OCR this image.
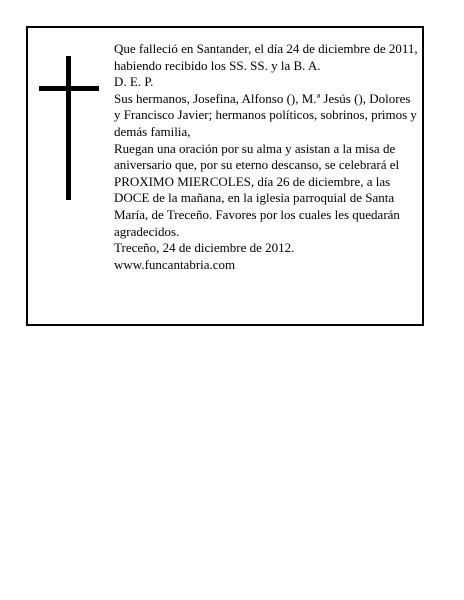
Que falleció en Santander, el día 24 de diciembre de 2011, habiendo recibido los SS. SS. y la B. A.

D. E. P.

Sus hermanos, Josefina, Alfonso (), M.ª Jesús (), Dolores y Francisco Javier; hermanos políticos, sobrinos, primos y demás familia,

Ruegan una oración por su alma y asistan a la misa de aniversario que, por su eterno descanso, se celebrará el PROXIMO MIERCOLES, día 26 de diciembre, a las DOCE de la mañana, en la iglesia parroquial de Santa María, de Treceño. Favores por los cuales les quedarán agradecidos.

Treceño, 24 de diciembre de 2012.

www.funcantabria.com
